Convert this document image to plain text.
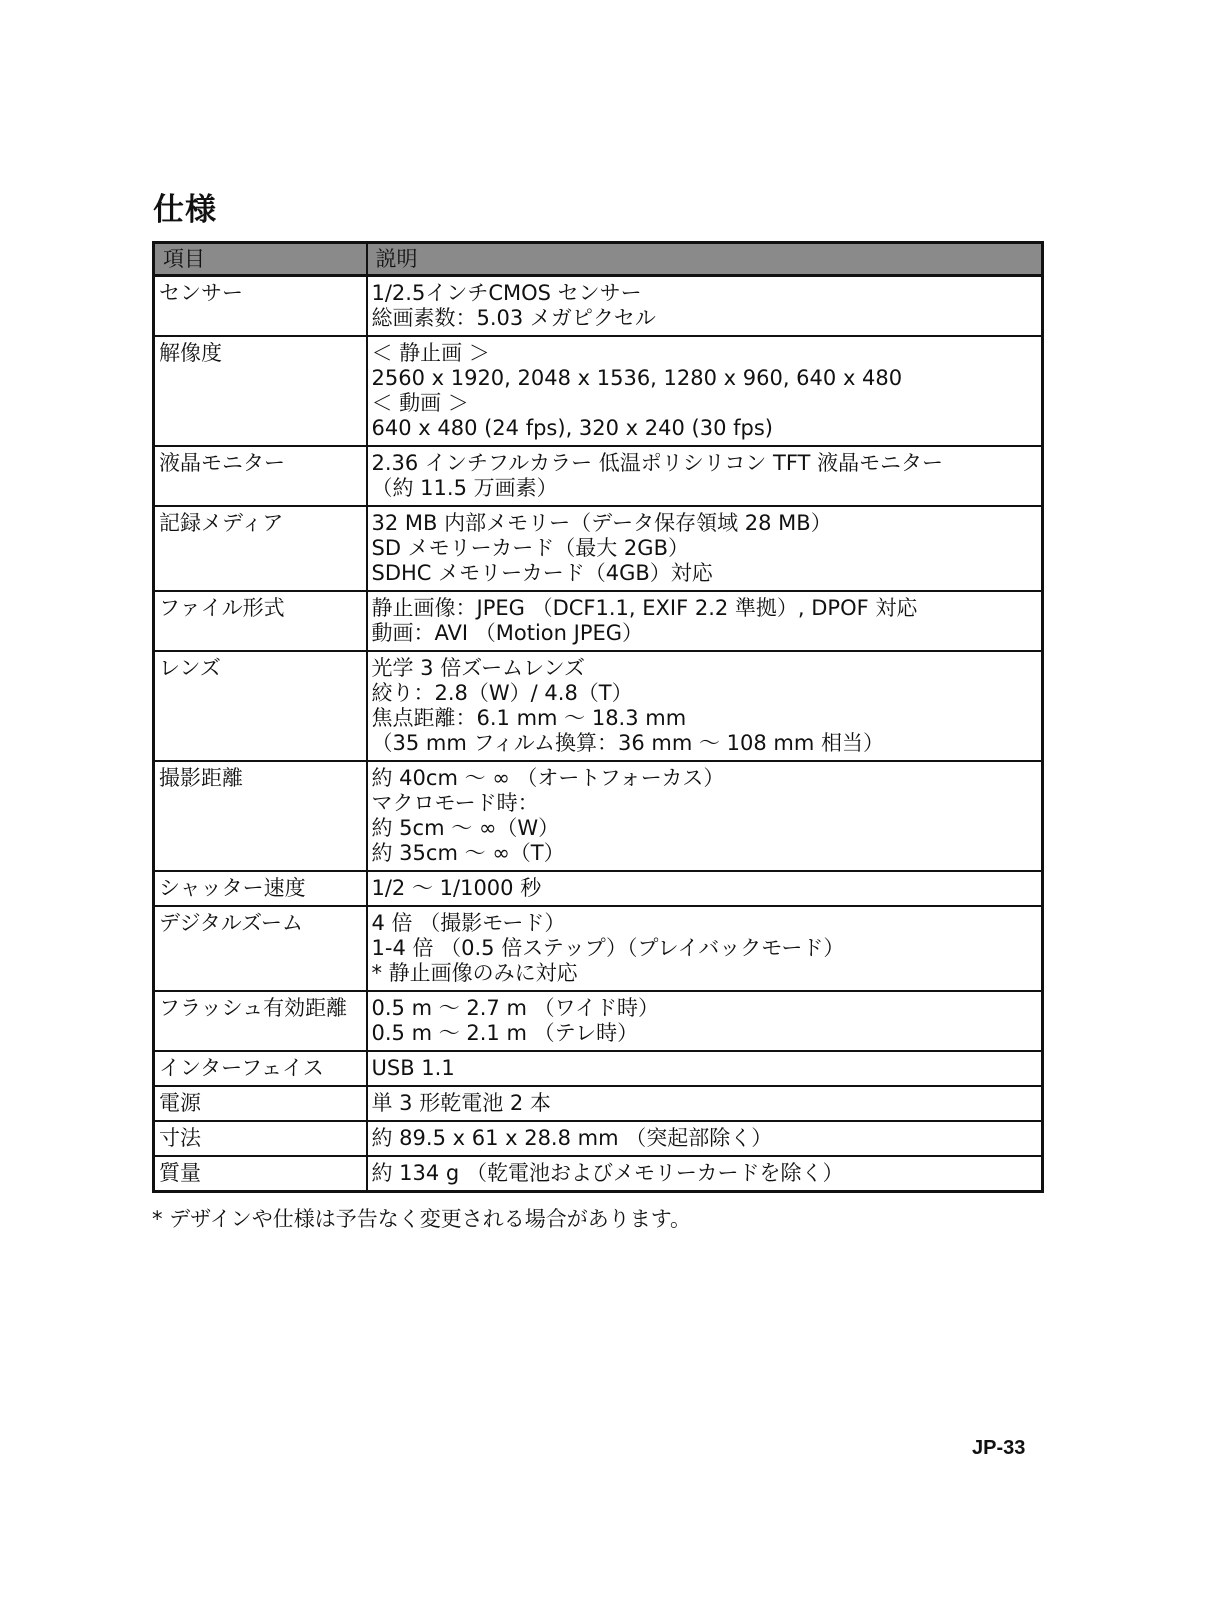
仕様
項目	説明
センサー	1/2.5インチCMOS センサー
総画素数：5.03 メガピクセル

解像度	＜ 静止画 ＞
2560 x 1920, 2048 x 1536, 1280 x 960, 640 x 480
＜ 動画 ＞
640 x 480 (24 fps), 320 x 240 (30 fps)

液晶モニター	2.36 インチフルカラー 低温ポリシリコン TFT 液晶モニター
（約 11.5 万画素）

記録メディア	32 MB 内部メモリー（データ保存領域 28 MB）
SD メモリーカード（最大 2GB）
SDHC メモリーカード（4GB）対応

ファイル形式	静止画像：JPEG （DCF1.1, EXIF 2.2 準拠）, DPOF 対応
動画：AVI （Motion JPEG）

レンズ	光学 3 倍ズームレンズ
絞り：2.8（W）/ 4.8（T）
焦点距離：6.1 mm 〜 18.3 mm
（35 mm フィルム換算：36 mm 〜 108 mm 相当）

撮影距離	約 40cm 〜 ∞ （オートフォーカス）
マクロモード時：
約 5cm 〜 ∞（W）
約 35cm 〜 ∞（T）

シャッター速度	1/2 〜 1/1000 秒

デジタルズーム	4 倍 （撮影モード）
1-4 倍 （0.5 倍ステップ）（プレイバックモード）
* 静止画像のみに対応

フラッシュ有効距離	0.5 m 〜 2.7 m （ワイド時）
0.5 m 〜 2.1 m （テレ時）

インターフェイス	USB 1.1

電源	単 3 形乾電池 2 本

寸法	約 89.5 x 61 x 28.8 mm （突起部除く）

質量	約 134 g （乾電池およびメモリーカードを除く）
* デザインや仕様は予告なく変更される場合があります。
JP-33
